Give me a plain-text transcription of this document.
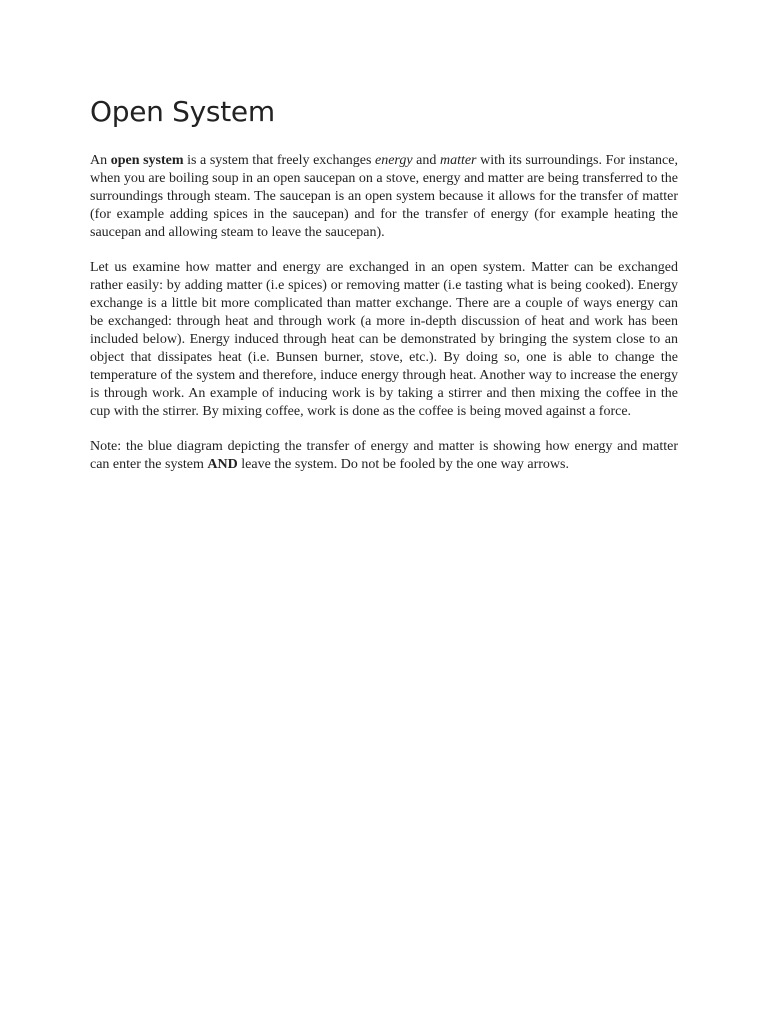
Open System

An open system is a system that freely exchanges energy and matter with its surroundings. For instance, when you are boiling soup in an open saucepan on a stove, energy and matter are being transferred to the surroundings through steam. The saucepan is an open system because it allows for the transfer of matter (for example adding spices in the saucepan) and for the transfer of energy (for example heating the saucepan and allowing steam to leave the saucepan).

Let us examine how matter and energy are exchanged in an open system. Matter can be exchanged rather easily: by adding matter (i.e spices) or removing matter (i.e tasting what is being cooked). Energy exchange is a little bit more complicated than matter exchange. There are a couple of ways energy can be exchanged: through heat and through work (a more in-depth discussion of heat and work has been included below). Energy induced through heat can be demonstrated by bringing the system close to an object that dissipates heat (i.e. Bunsen burner, stove, etc.). By doing so, one is able to change the temperature of the system and therefore, induce energy through heat. Another way to increase the energy is through work. An example of inducing work is by taking a stirrer and then mixing the coffee in the cup with the stirrer. By mixing coffee, work is done as the coffee is being moved against a force.

Note: the blue diagram depicting the transfer of energy and matter is showing how energy and matter can enter the system AND leave the system. Do not be fooled by the one way arrows.
